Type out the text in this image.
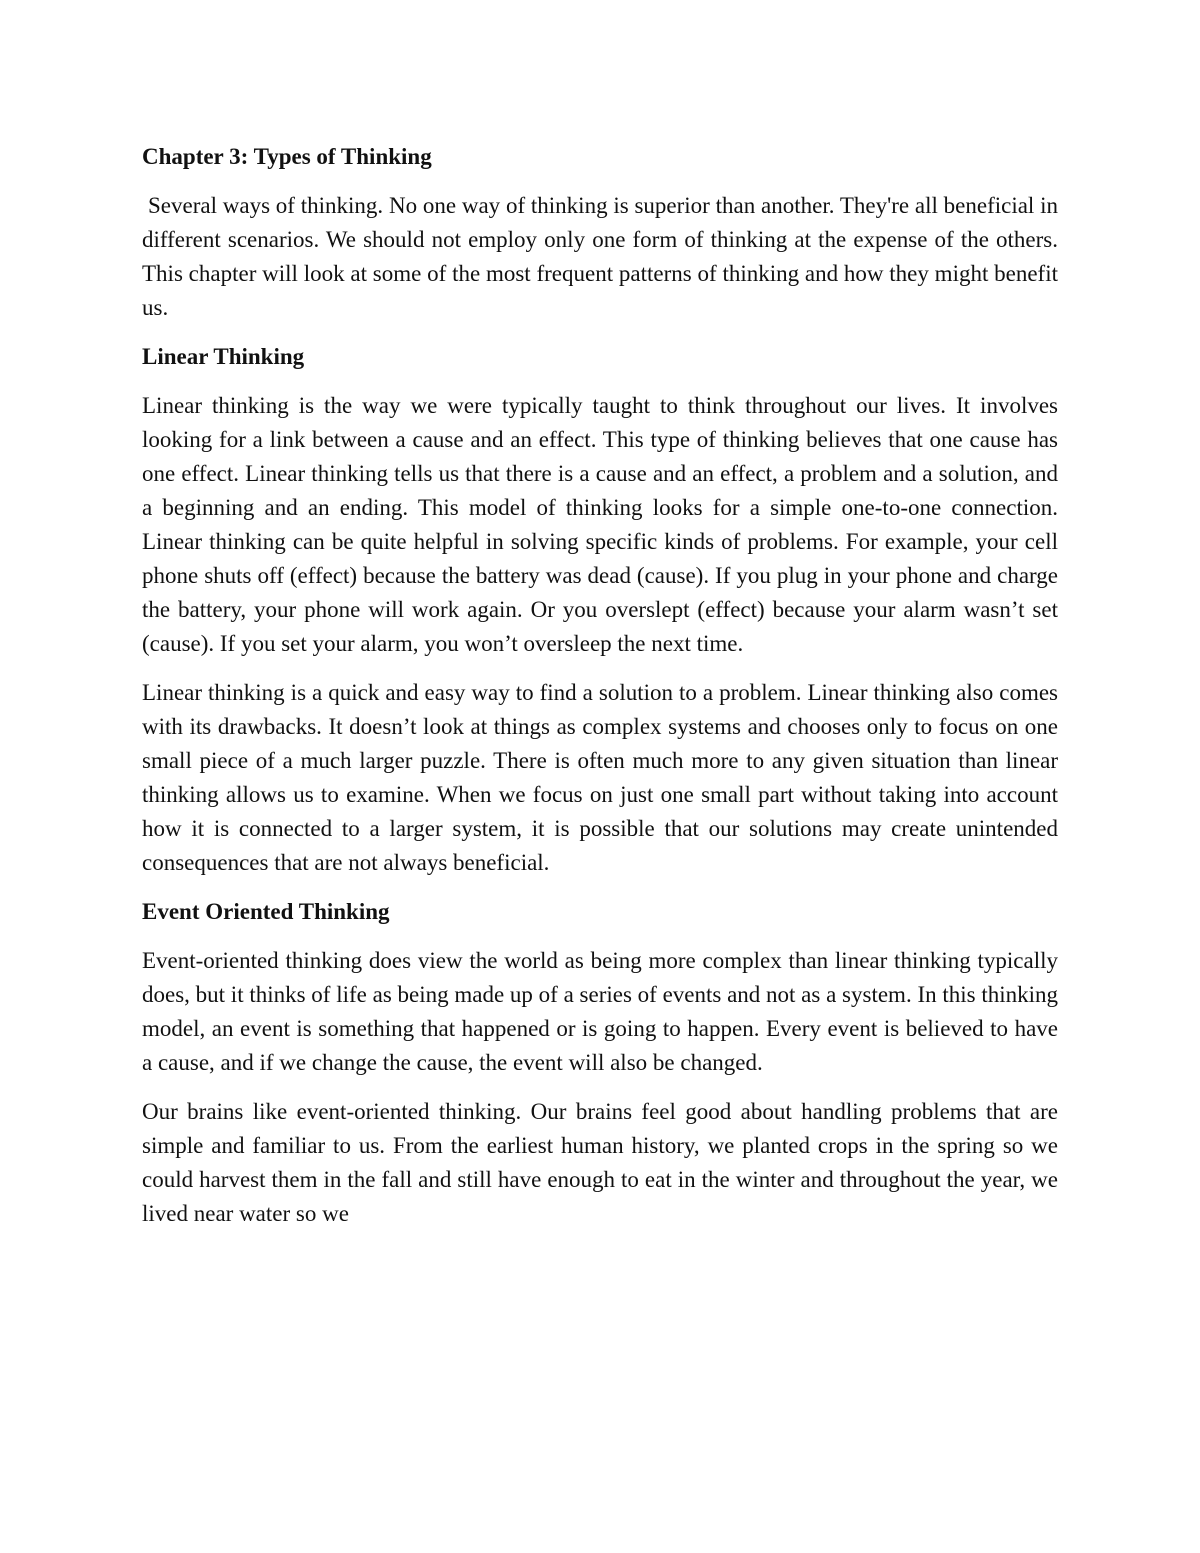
Chapter 3: Types of Thinking
Several ways of thinking. No one way of thinking is superior than another. They're all beneficial in different scenarios. We should not employ only one form of thinking at the expense of the others. This chapter will look at some of the most frequent patterns of thinking and how they might benefit us.
Linear Thinking
Linear thinking is the way we were typically taught to think throughout our lives. It involves looking for a link between a cause and an effect. This type of thinking believes that one cause has one effect. Linear thinking tells us that there is a cause and an effect, a problem and a solution, and a beginning and an ending. This model of thinking looks for a simple one-to-one connection. Linear thinking can be quite helpful in solving specific kinds of problems. For example, your cell phone shuts off (effect) because the battery was dead (cause). If you plug in your phone and charge the battery, your phone will work again. Or you overslept (effect) because your alarm wasn’t set (cause). If you set your alarm, you won’t oversleep the next time.
Linear thinking is a quick and easy way to find a solution to a problem. Linear thinking also comes with its drawbacks. It doesn’t look at things as complex systems and chooses only to focus on one small piece of a much larger puzzle. There is often much more to any given situation than linear thinking allows us to examine. When we focus on just one small part without taking into account how it is connected to a larger system, it is possible that our solutions may create unintended consequences that are not always beneficial.
Event Oriented Thinking
Event-oriented thinking does view the world as being more complex than linear thinking typically does, but it thinks of life as being made up of a series of events and not as a system. In this thinking model, an event is something that happened or is going to happen. Every event is believed to have a cause, and if we change the cause, the event will also be changed.
Our brains like event-oriented thinking. Our brains feel good about handling problems that are simple and familiar to us. From the earliest human history, we planted crops in the spring so we could harvest them in the fall and still have enough to eat in the winter and throughout the year, we lived near water so we
